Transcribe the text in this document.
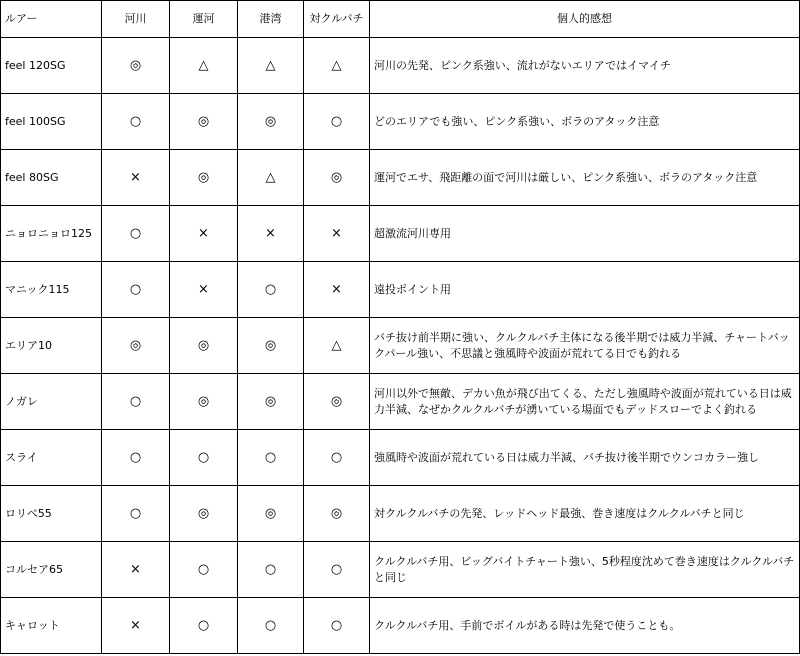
ルアー	河川	運河	港湾	対クルバチ	個人的感想
feel 120SG	◎	△	△	△	河川の先発、ピンク系強い、流れがないエリアではイマイチ
feel 100SG	○	◎	◎	○	どのエリアでも強い、ピンク系強い、ボラのアタック注意
feel 80SG	×	◎	△	◎	運河でエサ、飛距離の面で河川は厳しい、ピンク系強い、ボラのアタック注意
ニョロニョロ125	○	×	×	×	超激流河川専用
マニック115	○	×	○	×	遠投ポイント用
エリア10	◎	◎	◎	△	バチ抜け前半期に強い、クルクルバチ主体になる後半期では威力半減、チャートバックパール強い、不思議と強風時や波面が荒れてる日でも釣れる
ノガレ	○	◎	◎	◎	河川以外で無敵、デカい魚が飛び出てくる、ただし強風時や波面が荒れている日は威力半減、なぜかクルクルバチが湧いている場面でもデッドスローでよく釣れる
スライ	○	○	○	○	強風時や波面が荒れている日は威力半減、バチ抜け後半期でウンコカラー強し
ロリベ55	○	◎	◎	◎	対クルクルバチの先発、レッドヘッド最強、巻き速度はクルクルバチと同じ
コルセア65	×	○	○	○	クルクルバチ用、ビッグバイトチャート強い、5秒程度沈めて巻き速度はクルクルバチと同じ
キャロット	×	○	○	○	クルクルバチ用、手前でボイルがある時は先発で使うことも。
